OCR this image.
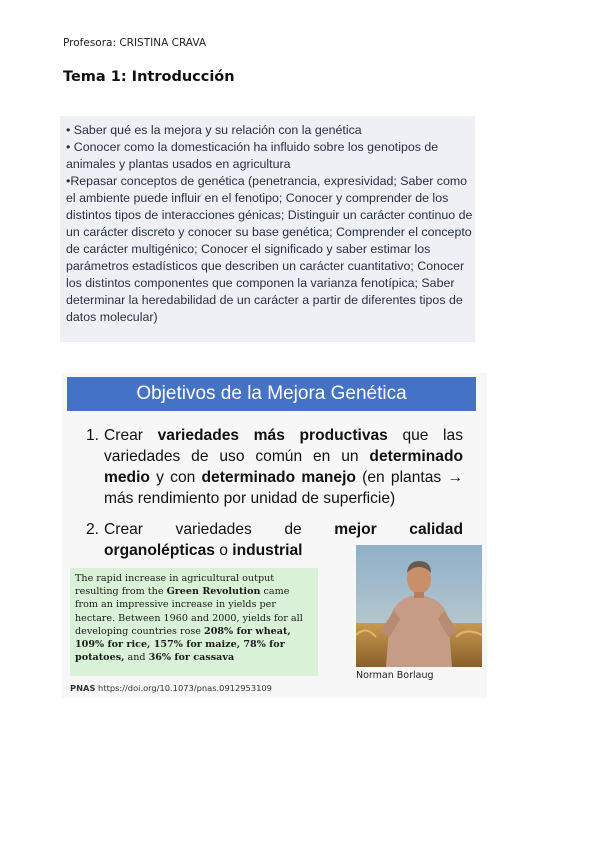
Profesora: CRISTINA CRAVA
Tema 1: Introducción
• Saber qué es la mejora y su relación con la genética
• Conocer como la domesticación ha influido sobre los genotipos de animales y plantas usados en agricultura
•Repasar conceptos de genética (penetrancia, expresividad; Saber como el ambiente puede influir en el fenotipo; Conocer y comprender de los distintos tipos de interacciones génicas; Distinguir un carácter continuo de un carácter discreto y conocer su base genética; Comprender el concepto de carácter multigénico; Conocer el significado y saber estimar los parámetros estadísticos que describen un carácter cuantitativo; Conocer los distintos componentes que componen la varianza fenotípica; Saber determinar la heredabilidad de un carácter a partir de diferentes tipos de datos molecular)
Objetivos de la Mejora Genética
1. Crear variedades más productivas que las variedades de uso común en un determinado medio y con determinado manejo (en plantas → más rendimiento por unidad de superficie)
2. Crear variedades de mejor calidad organolépticas o industrial
The rapid increase in agricultural output resulting from the Green Revolution came from an impressive increase in yields per hectare. Between 1960 and 2000, yields for all developing countries rose 208% for wheat, 109% for rice, 157% for maize, 78% for potatoes, and 36% for cassava
PNAS https://doi.org/10.1073/pnas.0912953109
Norman Borlaug
